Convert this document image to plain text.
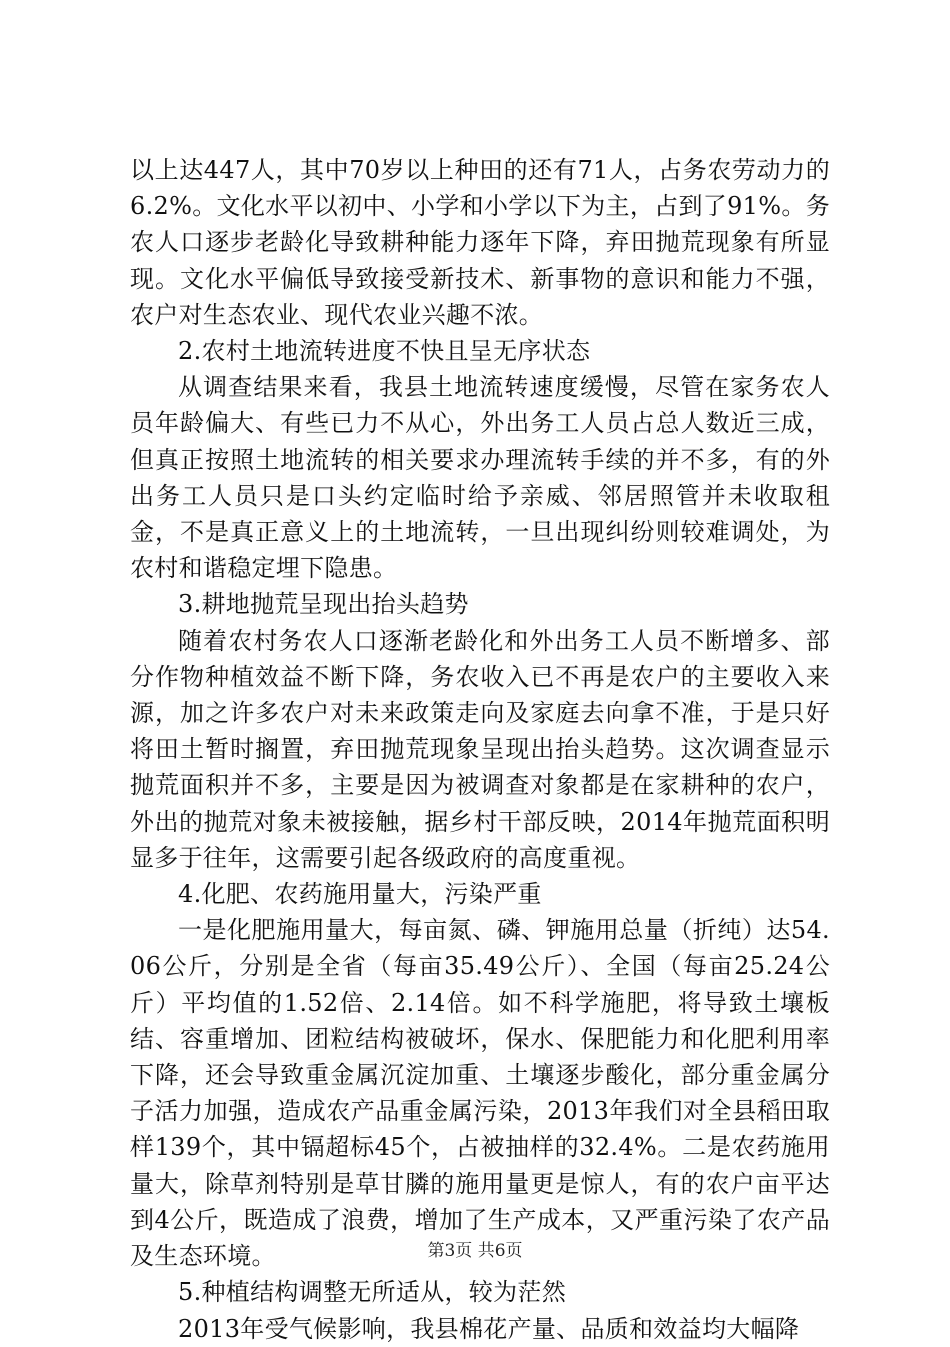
以上达447人，其中70岁以上种田的还有71人，占务农劳动力的6.2%。文化水平以初中、小学和小学以下为主，占到了91%。务农人口逐步老龄化导致耕种能力逐年下降，弃田抛荒现象有所显现。文化水平偏低导致接受新技术、新事物的意识和能力不强，农户对生态农业、现代农业兴趣不浓。

2.农村土地流转进度不快且呈无序状态

从调查结果来看，我县土地流转速度缓慢，尽管在家务农人员年龄偏大、有些已力不从心，外出务工人员占总人数近三成，但真正按照土地流转的相关要求办理流转手续的并不多，有的外出务工人员只是口头约定临时给予亲威、邻居照管并未收取租金，不是真正意义上的土地流转，一旦出现纠纷则较难调处，为农村和谐稳定埋下隐患。

3.耕地抛荒呈现出抬头趋势

随着农村务农人口逐渐老龄化和外出务工人员不断增多、部分作物种植效益不断下降，务农收入已不再是农户的主要收入来源，加之许多农户对未来政策走向及家庭去向拿不准，于是只好将田土暂时搁置，弃田抛荒现象呈现出抬头趋势。这次调查显示抛荒面积并不多，主要是因为被调查对象都是在家耕种的农户，外出的抛荒对象未被接触，据乡村干部反映，2014年抛荒面积明显多于往年，这需要引起各级政府的高度重视。

4.化肥、农药施用量大，污染严重

一是化肥施用量大，每亩氮、磷、钾施用总量（折纯）达54.06公斤，分别是全省（每亩35.49公斤）、全国（每亩25.24公斤）平均值的1.52倍、2.14倍。如不科学施肥，将导致土壤板结、容重增加、团粒结构被破坏，保水、保肥能力和化肥利用率下降，还会导致重金属沉淀加重、土壤逐步酸化，部分重金属分子活力加强，造成农产品重金属污染，2013年我们对全县稻田取样139个，其中镉超标45个，占被抽样的32.4%。二是农药施用量大，除草剂特别是草甘膦的施用量更是惊人，有的农户亩平达到4公斤，既造成了浪费，增加了生产成本，又严重污染了农产品及生态环境。

5.种植结构调整无所适从，较为茫然

2013年受气候影响，我县棉花产量、品质和效益均大幅降

第3页 共6页
